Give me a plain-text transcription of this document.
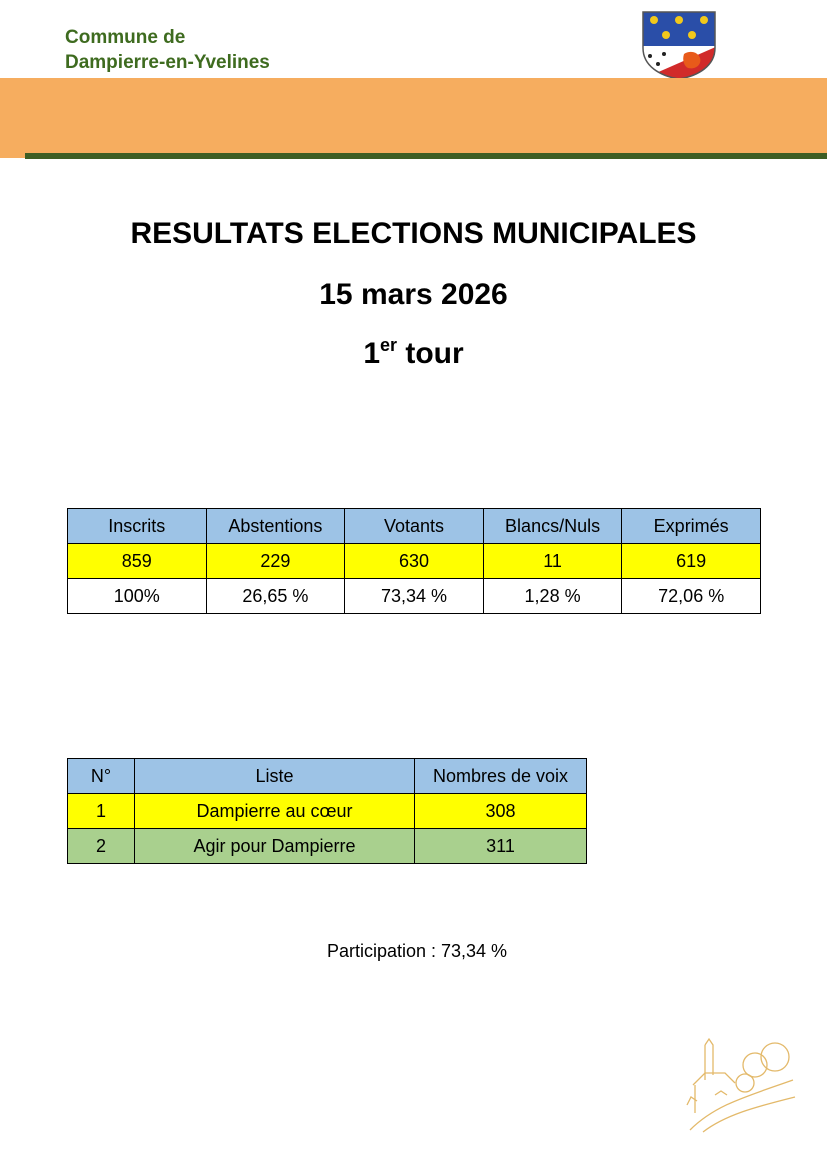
Commune de
Dampierre-en-Yvelines
RESULTATS ELECTIONS MUNICIPALES
15 mars 2026
1er tour
Inscrits	Abstentions	Votants	Blancs/Nuls	Exprimés
859	229	630	11	619
100%	26,65 %	73,34 %	1,28 %	72,06 %
N°	Liste	Nombres de voix
1	Dampierre au cœur	308
2	Agir pour Dampierre	311
Participation : 73,34 %
